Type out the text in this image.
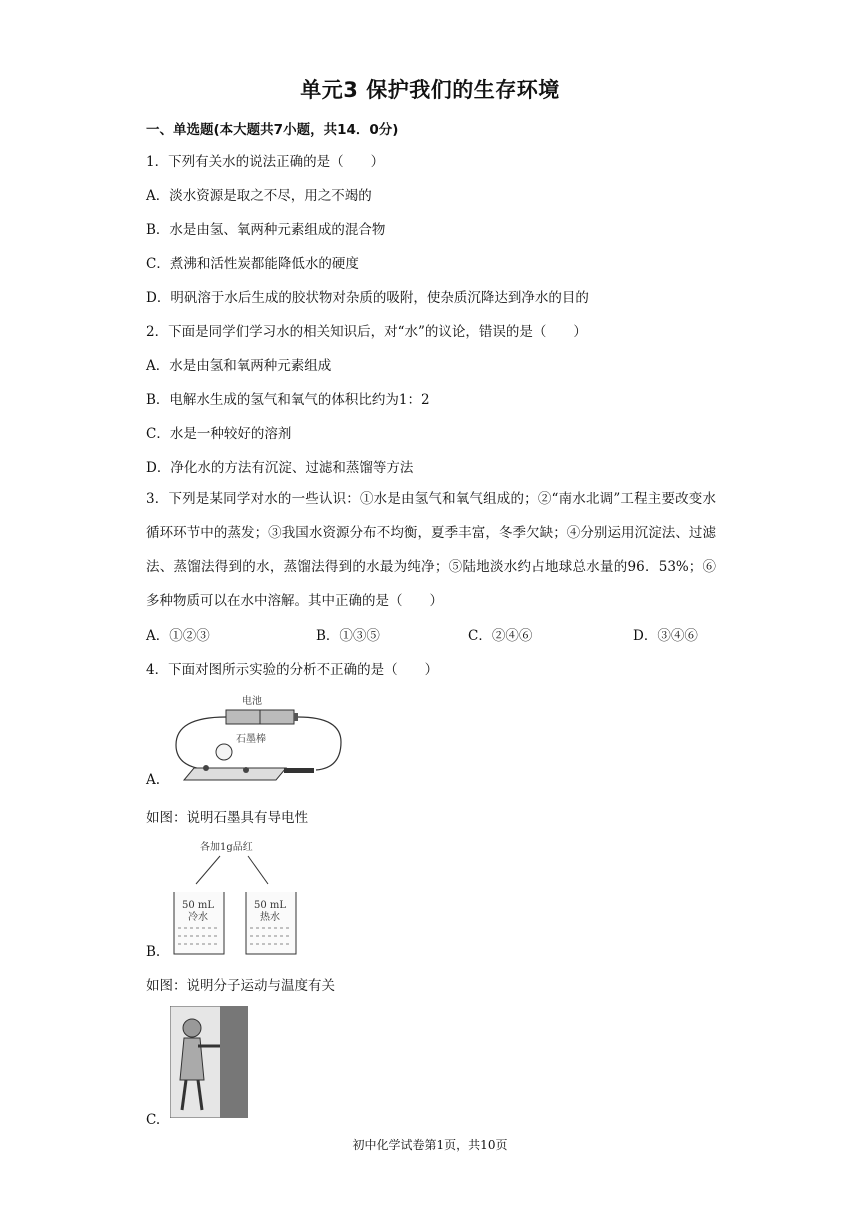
单元3 保护我们的生存环境
一、单选题(本大题共7小题，共14．0分)
1．下列有关水的说法正确的是（　　）
A．淡水资源是取之不尽，用之不竭的
B．水是由氢、氧两种元素组成的混合物
C．煮沸和活性炭都能降低水的硬度
D．明矾溶于水后生成的胶状物对杂质的吸附，使杂质沉降达到净水的目的
2．下面是同学们学习水的相关知识后，对“水”的议论，错误的是（　　）
A．水是由氢和氧两种元素组成
B．电解水生成的氢气和氧气的体积比约为1：2
C．水是一种较好的溶剂
D．净化水的方法有沉淀、过滤和蒸馏等方法
3．下列是某同学对水的一些认识：①水是由氢气和氧气组成的；②“南水北调”工程主要改变水循环环节中的蒸发；③我国水资源分布不均衡，夏季丰富，冬季欠缺；④分别运用沉淀法、过滤法、蒸馏法得到的水，蒸馏法得到的水最为纯净；⑤陆地淡水约占地球总水量的96．53%；⑥多种物质可以在水中溶解。其中正确的是（　　）
A．①②③	B．①③⑤	C．②④⑥	D．③④⑥
4．下面对图所示实验的分析不正确的是（　　）
电池
石墨棒
A.
如图：说明石墨具有导电性
各加1g品红
50 mL
冷水
50 mL
热水
B.
如图：说明分子运动与温度有关
C.
初中化学试卷第1页，共10页
